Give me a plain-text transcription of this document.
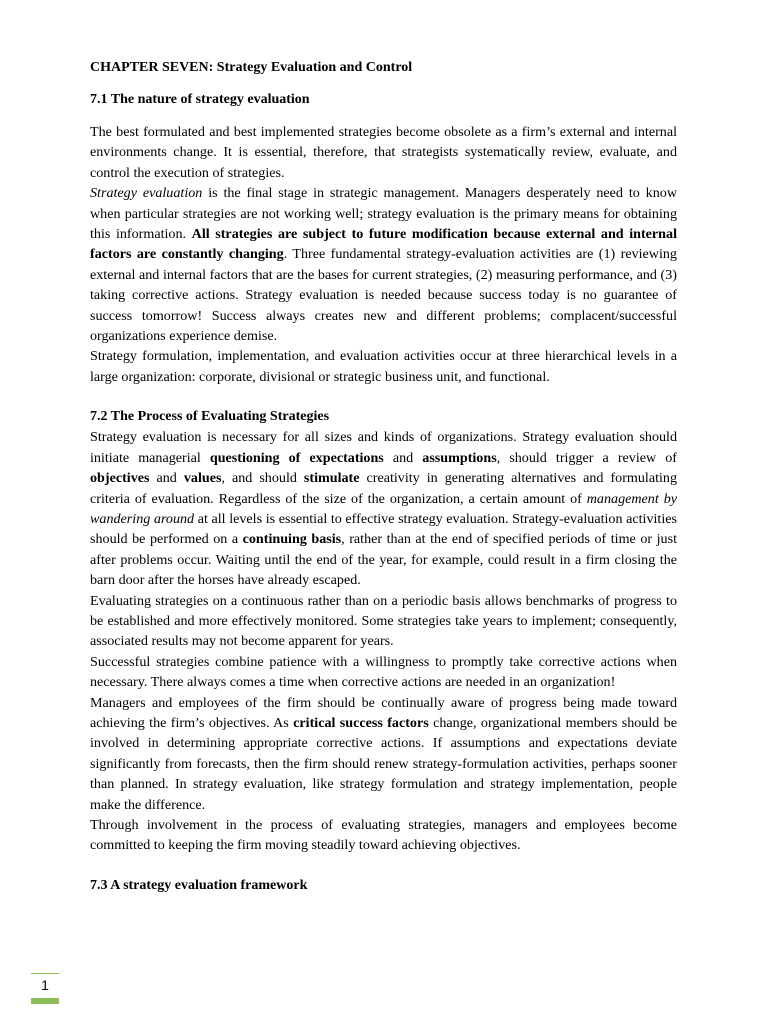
CHAPTER SEVEN: Strategy Evaluation and Control
7.1 The nature of strategy evaluation

The best formulated and best implemented strategies become obsolete as a firm’s external and internal environments change. It is essential, therefore, that strategists systematically review, evaluate, and control the execution of strategies.

Strategy evaluation is the final stage in strategic management. Managers desperately need to know when particular strategies are not working well; strategy evaluation is the primary means for obtaining this information. All strategies are subject to future modification because external and internal factors are constantly changing. Three fundamental strategy-evaluation activities are (1) reviewing external and internal factors that are the bases for current strategies, (2) measuring performance, and (3) taking corrective actions. Strategy evaluation is needed because success today is no guarantee of success tomorrow! Success always creates new and different problems; complacent/successful organizations experience demise.

Strategy formulation, implementation, and evaluation activities occur at three hierarchical levels in a large organization: corporate, divisional or strategic business unit, and functional.

7.2 The Process of Evaluating Strategies

Strategy evaluation is necessary for all sizes and kinds of organizations. Strategy evaluation should initiate managerial questioning of expectations and assumptions, should trigger a review of objectives and values, and should stimulate creativity in generating alternatives and formulating criteria of evaluation. Regardless of the size of the organization, a certain amount of management by wandering around at all levels is essential to effective strategy evaluation. Strategy-evaluation activities should be performed on a continuing basis, rather than at the end of specified periods of time or just after problems occur. Waiting until the end of the year, for example, could result in a firm closing the barn door after the horses have already escaped.

Evaluating strategies on a continuous rather than on a periodic basis allows benchmarks of progress to be established and more effectively monitored. Some strategies take years to implement; consequently, associated results may not become apparent for years.

Successful strategies combine patience with a willingness to promptly take corrective actions when necessary. There always comes a time when corrective actions are needed in an organization!

Managers and employees of the firm should be continually aware of progress being made toward achieving the firm’s objectives. As critical success factors change, organizational members should be involved in determining appropriate corrective actions. If assumptions and expectations deviate significantly from forecasts, then the firm should renew strategy-formulation activities, perhaps sooner than planned. In strategy evaluation, like strategy formulation and strategy implementation, people make the difference.

Through involvement in the process of evaluating strategies, managers and employees become committed to keeping the firm moving steadily toward achieving objectives.

7.3 A strategy evaluation framework
1
